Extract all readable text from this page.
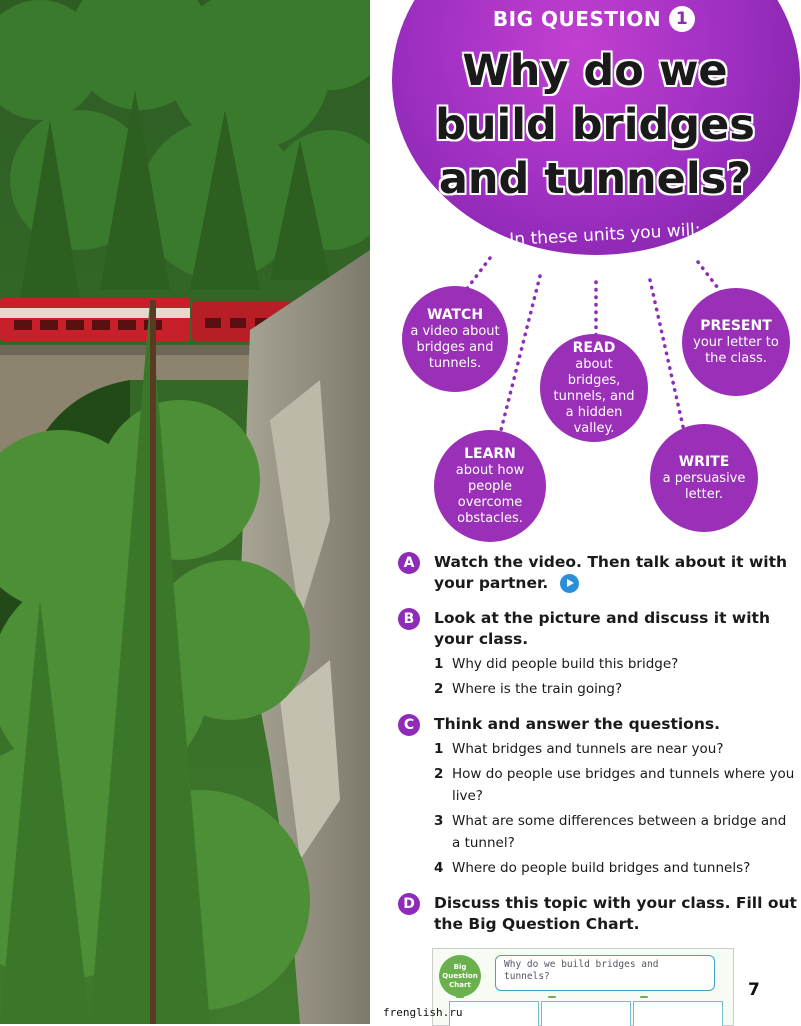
BIG QUESTION 1
Why do we build bridges and tunnels?
In these units you will:
WATCH
a video about bridges and tunnels.
READ
about bridges, tunnels, and a hidden valley.
PRESENT
your letter to the class.
LEARN
about how people overcome obstacles.
WRITE
a persuasive letter.
A	Watch the video. Then talk about it with your partner.
B	Look at the picture and discuss it with your class.
1 Why did people build this bridge?
2 Where is the train going?
C	Think and answer the questions.
1 What bridges and tunnels are near you?
2 How do people use bridges and tunnels where you live?
3 What are some differences between a bridge and a tunnel?
4 Where do people build bridges and tunnels?
D	Discuss this topic with your class. Fill out the Big Question Chart.
Big Question Chart
Why do we build bridges and tunnels?
7
frenglish.ru
